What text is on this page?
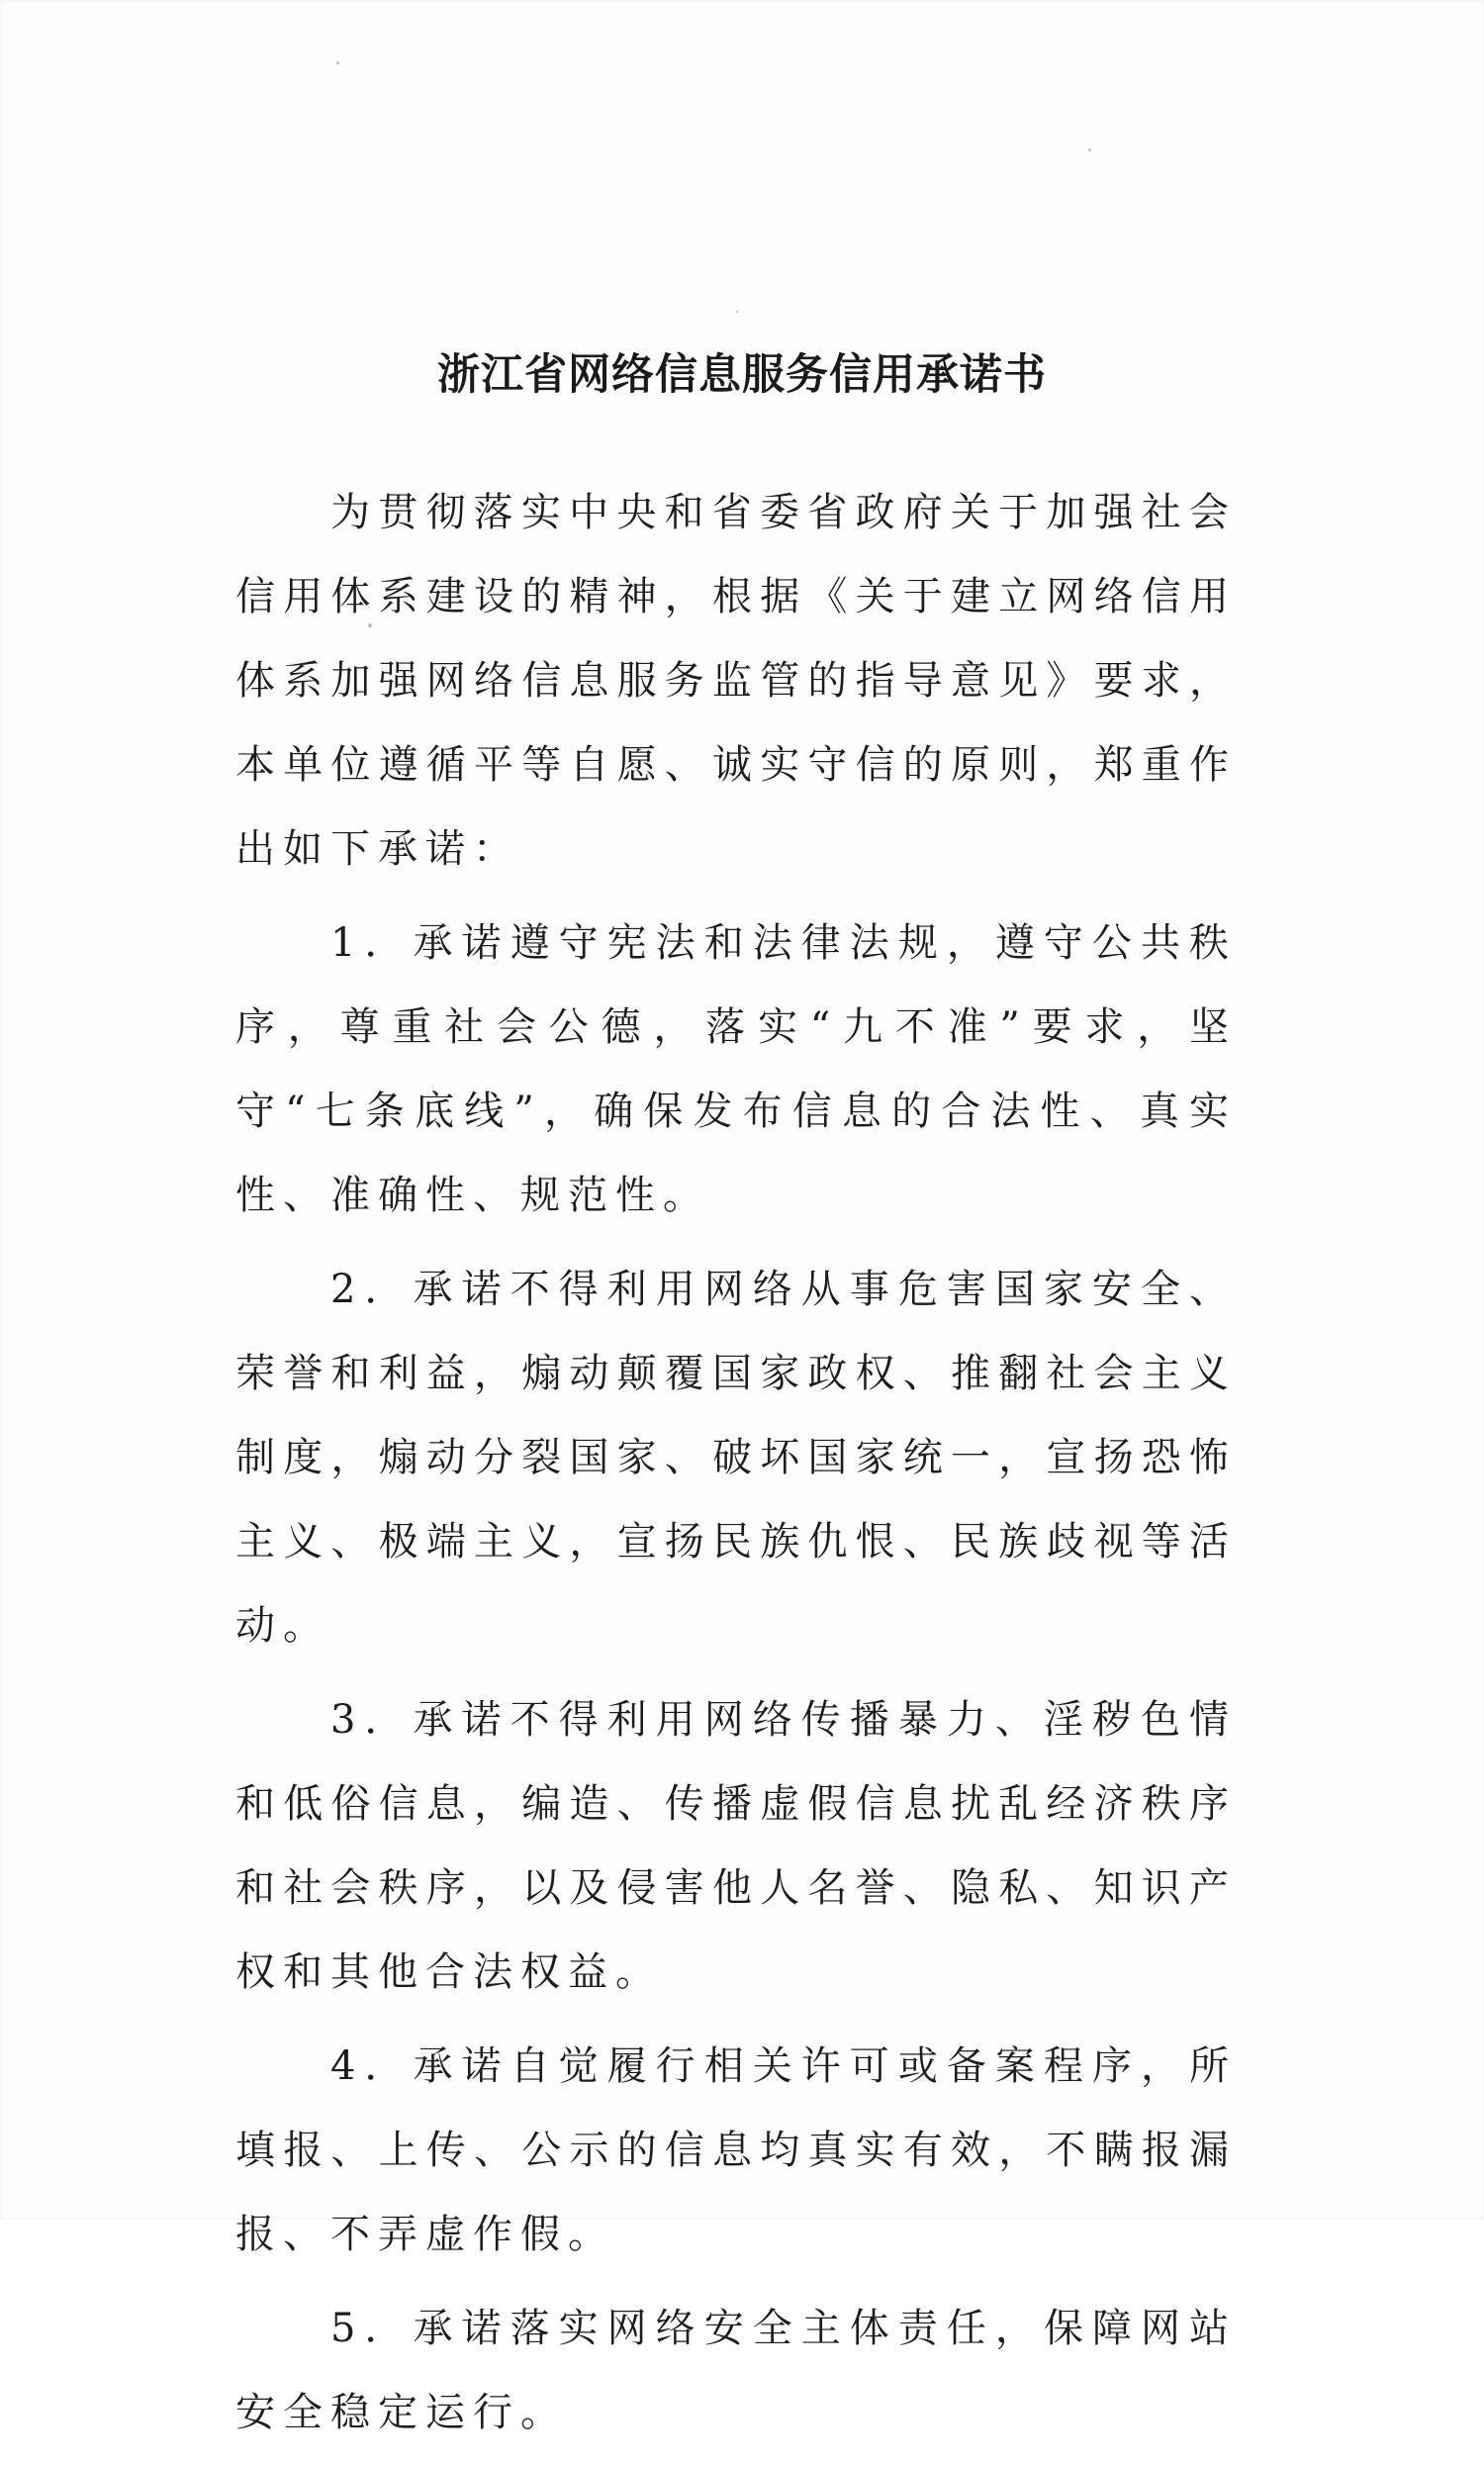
浙江省网络信息服务信用承诺书

为贯彻落实中央和省委省政府关于加强社会信用体系建设的精神，根据《关于建立网络信用体系加强网络信息服务监管的指导意见》要求，本单位遵循平等自愿、诚实守信的原则，郑重作出如下承诺：

1．承诺遵守宪法和法律法规，遵守公共秩序，尊重社会公德，落实“九不准”要求，坚守“七条底线”，确保发布信息的合法性、真实性、准确性、规范性。

2．承诺不得利用网络从事危害国家安全、荣誉和利益，煽动颠覆国家政权、推翻社会主义制度，煽动分裂国家、破坏国家统一，宣扬恐怖主义、极端主义，宣扬民族仇恨、民族歧视等活动。

3．承诺不得利用网络传播暴力、淫秽色情和低俗信息，编造、传播虚假信息扰乱经济秩序和社会秩序，以及侵害他人名誉、隐私、知识产权和其他合法权益。

4．承诺自觉履行相关许可或备案程序，所填报、上传、公示的信息均真实有效，不瞒报漏报、不弄虚作假。

5．承诺落实网络安全主体责任，保障网站安全稳定运行。
